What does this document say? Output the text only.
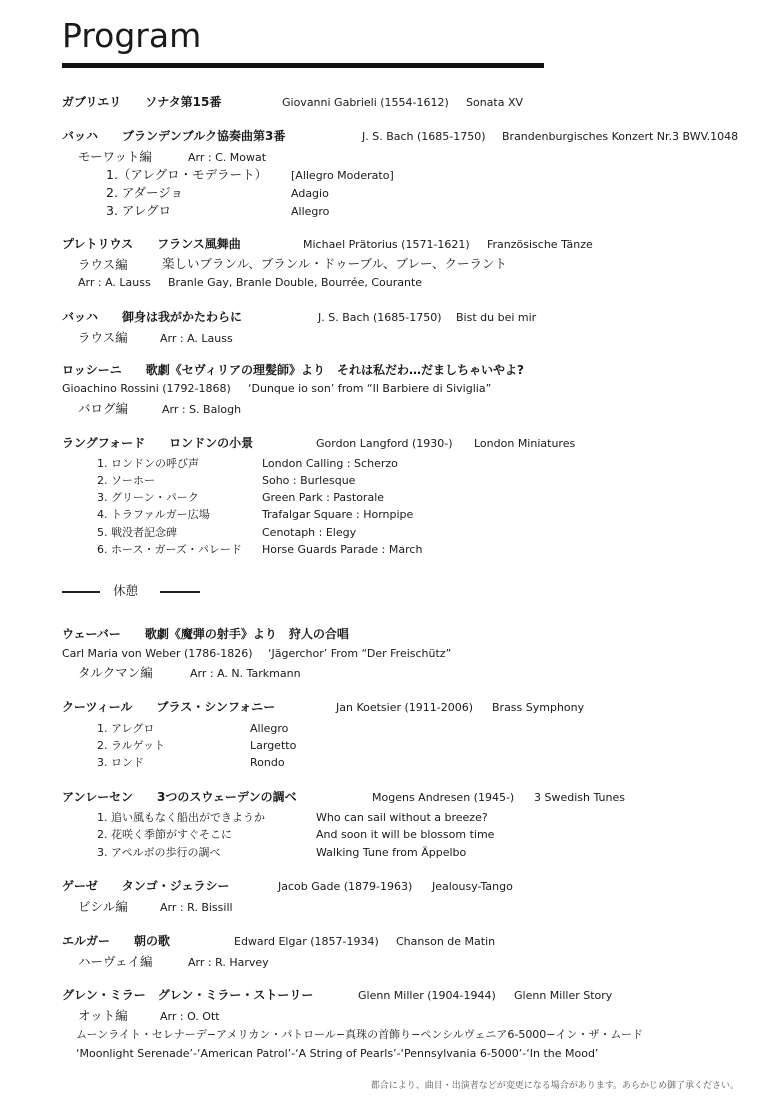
Program
ガブリエリ　　ソナタ第15番	Giovanni Gabrieli (1554-1612) Sonata XV
バッハ　　ブランデンブルク協奏曲第3番	J. S. Bach (1685-1750) Brandenburgisches Konzert Nr.3 BWV.1048
モーワット編	Arr : C. Mowat
1.（アレグロ・モデラート） [Allegro Moderato]
2. アダージョ	Adagio
3. アレグロ	Allegro
プレトリウス　　フランス風舞曲	Michael Prätorius (1571-1621) Französische Tänze
ラウス編	楽しいブランル、ブランル・ドゥーブル、ブレー、クーラント
Arr : A. Lauss Branle Gay, Branle Double, Bourrée, Courante
バッハ　　御身は我がかたわらに	J. S. Bach (1685-1750) Bist du bei mir
ラウス編	Arr : A. Lauss
ロッシーニ　　歌劇《セヴィリアの理髪師》より　それは私だわ…だましちゃいやよ?
Gioachino Rossini (1792-1868) ‘Dunque io son’ from “Il Barbiere di Siviglia”
バログ編	Arr : S. Balogh
ラングフォード　　ロンドンの小景	Gordon Langford (1930-) London Miniatures
1. ロンドンの呼び声	London Calling : Scherzo
2. ソーホー	Soho : Burlesque
3. グリーン・パーク	Green Park : Pastorale
4. トラファルガー広場	Trafalgar Square : Hornpipe
5. 戦没者記念碑	Cenotaph : Elegy
6. ホース・ガーズ・パレード Horse Guards Parade : March
休憩
ウェーバー　　歌劇《魔弾の射手》より　狩人の合唱
Carl Maria von Weber (1786-1826) ‘Jägerchor’ From “Der Freischütz”
タルクマン編	Arr : A. N. Tarkmann
クーツィール　　ブラス・シンフォニー	Jan Koetsier (1911-2006) Brass Symphony
1. アレグロ	Allegro
2. ラルゲット	Largetto
3. ロンド	Rondo
アンレーセン　　3つのスウェーデンの調べ	Mogens Andresen (1945-) 3 Swedish Tunes
1. 追い風もなく船出ができようか	Who can sail without a breeze?
2. 花咲く季節がすぐそこに	And soon it will be blossom time
3. アペルボの歩行の調べ	Walking Tune from Äppelbo
ゲーゼ　　タンゴ・ジェラシー	Jacob Gade (1879-1963) Jealousy-Tango
ビシル編	Arr : R. Bissill
エルガー　　朝の歌	Edward Elgar (1857-1934) Chanson de Matin
ハーヴェイ編	Arr : R. Harvey
グレン・ミラー　グレン・ミラー・ストーリー	Glenn Miller (1904-1944) Glenn Miller Story
オット編	Arr : O. Ott
ムーンライト・セレナーデ−アメリカン・パトロール−真珠の首飾り−ペンシルヴェニア6-5000−イン・ザ・ムード
‘Moonlight Serenade’-‘American Patrol’-‘A String of Pearls’-‘Pennsylvania 6-5000’-‘In the Mood’
都合により、曲目・出演者などが変更になる場合があります。あらかじめ御了承ください。
